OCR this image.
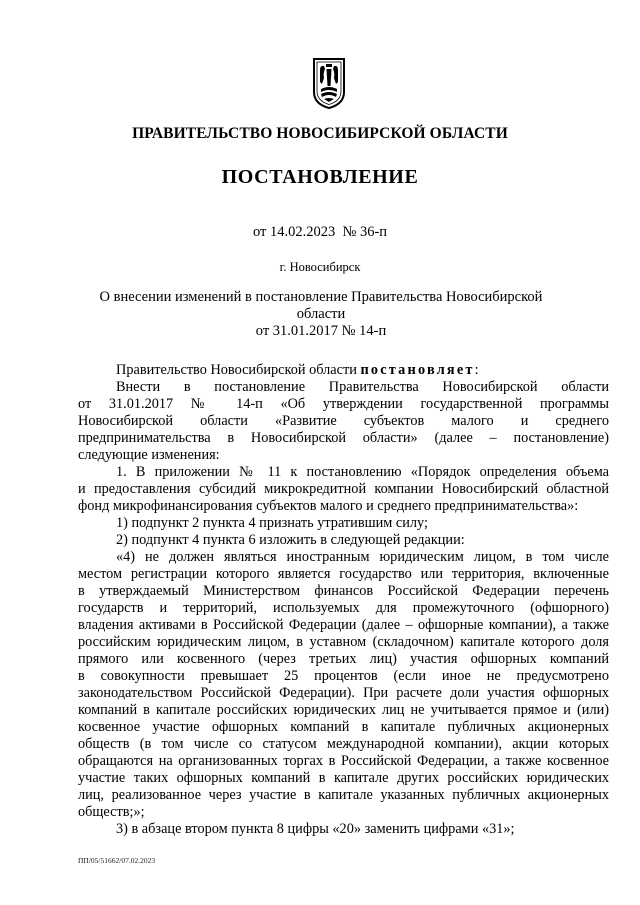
ПРАВИТЕЛЬСТВО НОВОСИБИРСКОЙ ОБЛАСТИ
ПОСТАНОВЛЕНИЕ
от 14.02.2023 № 36-п
г. Новосибирск
О внесении изменений в постановление Правительства Новосибирской области
от 31.01.2017 № 14-п
Правительство Новосибирской области постановляет:
Внести в постановление Правительства Новосибирской области
от 31.01.2017 № 14-п «Об утверждении государственной программы
Новосибирской области «Развитие субъектов малого и среднего
предпринимательства в Новосибирской области» (далее – постановление)
следующие изменения:
1. В приложении № 11 к постановлению «Порядок определения объема
и предоставления субсидий микрокредитной компании Новосибирский областной
фонд микрофинансирования субъектов малого и среднего предпринимательства»:
1) подпункт 2 пункта 4 признать утратившим силу;
2) подпункт 4 пункта 6 изложить в следующей редакции:
«4) не должен являться иностранным юридическим лицом, в том числе
местом регистрации которого является государство или территория, включенные
в утверждаемый Министерством финансов Российской Федерации перечень
государств и территорий, используемых для промежуточного (офшорного)
владения активами в Российской Федерации (далее – офшорные компании), а также
российским юридическим лицом, в уставном (складочном) капитале которого доля
прямого или косвенного (через третьих лиц) участия офшорных компаний
в совокупности превышает 25 процентов (если иное не предусмотрено
законодательством Российской Федерации). При расчете доли участия офшорных
компаний в капитале российских юридических лиц не учитывается прямое и (или)
косвенное участие офшорных компаний в капитале публичных акционерных
обществ (в том числе со статусом международной компании), акции которых
обращаются на организованных торгах в Российской Федерации, а также косвенное
участие таких офшорных компаний в капитале других российских юридических
лиц, реализованное через участие в капитале указанных публичных акционерных
обществ;»;
3) в абзаце втором пункта 8 цифры «20» заменить цифрами «31»;
ПП/05/51662/07.02.2023
